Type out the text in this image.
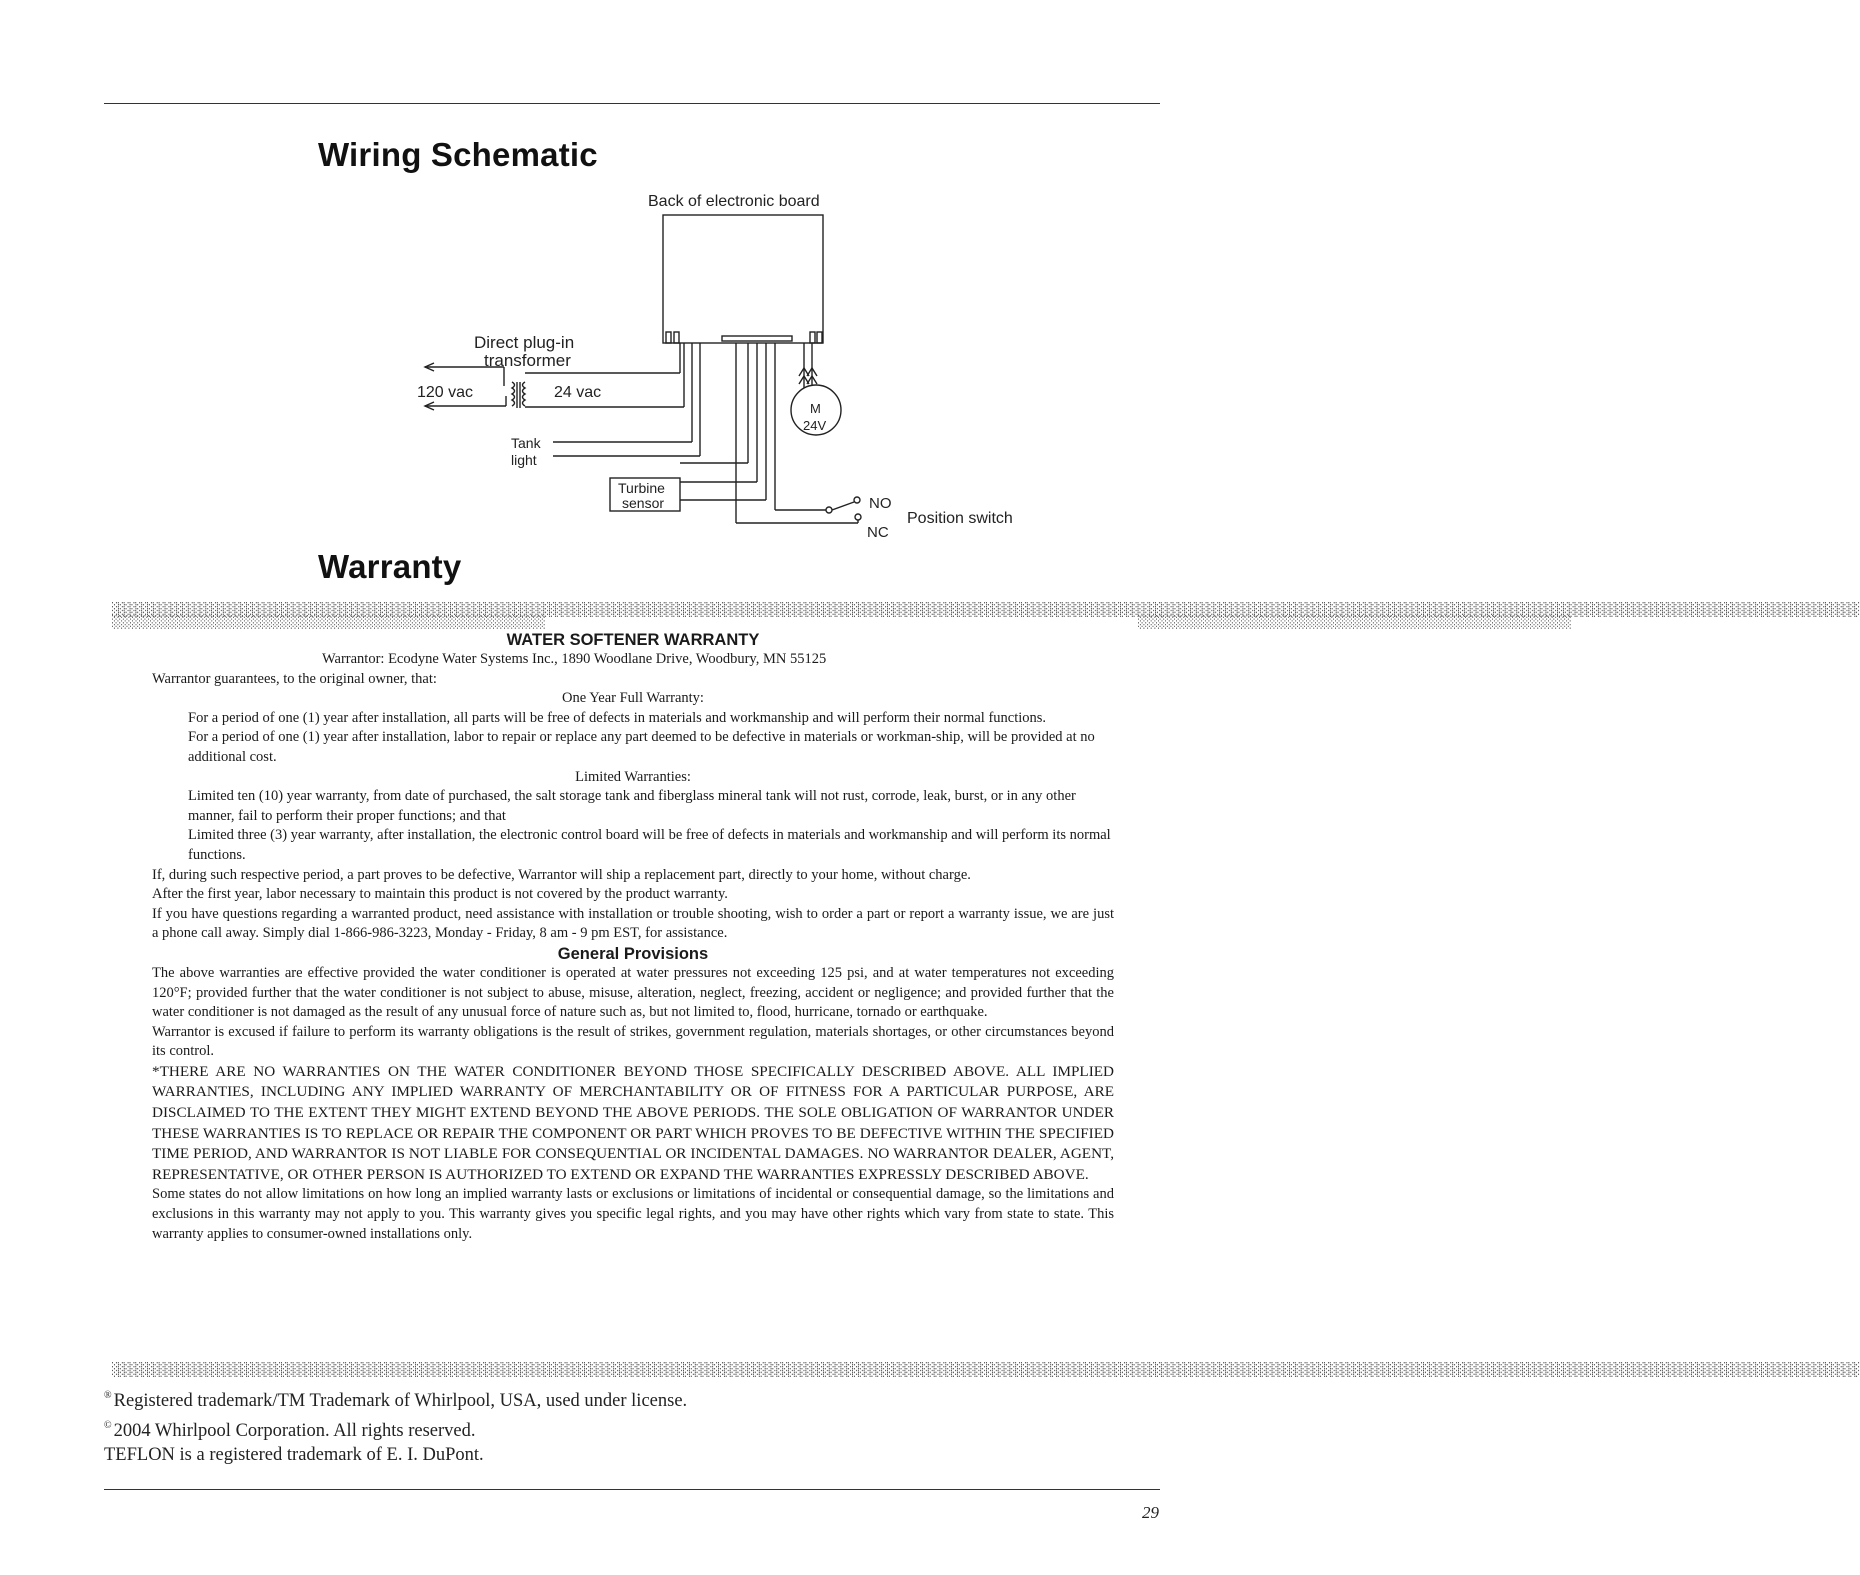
Wiring Schematic
Back of electronic board
Direct plug-in
transformer
120 vac	24 vac
Tank
light
Turbine
sensor
M
24V
NO
NC
Position switch
Warranty
░░░░░░░░░░░░░░░░░░░░░░░░░░░░░░░░░░░░░░░░░░░░░░░░░░░░░░░░░░░░░░░░░░░░░░░░░░░░░░░░░░░░░░░░░░░░░░░░░░░░░░░░░░░░░░░░░░░░░░░░░░░░░░░░░░░░░░░░░░░░░░░░░░░░░░░░░░░░░░░░░░░░░░░░░░░░░░░░░░░░░░░░░░░░░░░░░░░░░░░░░░░░░░░░░░░░░░░░░░░░░░░░░░░░░░░░░░░░░░░░░░░░░░░░░░░░░░░░░░░░░░░░░░░░░░░░░░░░░░░░░░░░░░░░░░░░░░░░░░░░
░░░░░░░░░░░░░░░░░░░░░░░░░░░░░░░░░░░░░░░░░░░░░░░░░░░░░░░░░░░░░░░░░░░░░░░░░░░░░░░░░░░░░░░░░░░░░░░░░░░░░░░░░░░░░░░░░░░░░░░░░░░░░░░░░░░░░░░░░░░░░░░░░░░░░░░░░░░░░░░░░░░░░░░░░░░░░░░░░░░░░░░░░░░░░░░░░░░░░░░░░░░░░░░░░░░░░░░░░░░░░░░░░░░░░░░░░░░░░░░░░░░░░░░░░░░░░░░░░░░░░░░░░░░░░░░░░░░░░░░░░░░░░░░░░░░░░░░░░░░░
░░░░░░░░░░░░░░░░░░░░░░░░░░░░░░░░░░░░░░░░░░░░░░░░░░░░░░░░░░░░	░░░░░░░░░░░░░░░░░░░░░░░░░░░░░░░░░░░░░░░░░░░░░░░░░░░░░░░░░░░░

WATER SOFTENER WARRANTY

Warrantor: Ecodyne Water Systems Inc., 1890 Woodlane Drive, Woodbury, MN 55125

Warrantor guarantees, to the original owner, that:

One Year Full Warranty:

For a period of one (1) year after installation, all parts will be free of defects in materials and workmanship and will perform their normal functions.

For a period of one (1) year after installation, labor to repair or replace any part deemed to be defective in materials or workman-ship, will be provided at no additional cost.

Limited Warranties:

Limited ten (10) year warranty, from date of purchased, the salt storage tank and fiberglass mineral tank will not rust, corrode, leak, burst, or in any other manner, fail to perform their proper functions; and that

Limited three (3) year warranty, after installation, the electronic control board will be free of defects in materials and workmanship and will perform its normal functions.

If, during such respective period, a part proves to be defective, Warrantor will ship a replacement part, directly to your home, without charge.

After the first year, labor necessary to maintain this product is not covered by the product warranty.

If you have questions regarding a warranted product, need assistance with installation or trouble shooting, wish to order a part or report a warranty issue, we are just a phone call away. Simply dial 1-866-986-3223, Monday - Friday, 8 am - 9 pm EST, for assistance.

General Provisions

The above warranties are effective provided the water conditioner is operated at water pressures not exceeding 125 psi, and at water temperatures not exceeding 120°F; provided further that the water conditioner is not subject to abuse, misuse, alteration, neglect, freezing, accident or negligence; and provided further that the water conditioner is not damaged as the result of any unusual force of nature such as, but not limited to, flood, hurricane, tornado or earthquake.

Warrantor is excused if failure to perform its warranty obligations is the result of strikes, government regulation, materials shortages, or other circumstances beyond its control.

*THERE ARE NO WARRANTIES ON THE WATER CONDITIONER BEYOND THOSE SPECIFICALLY DESCRIBED ABOVE. ALL IMPLIED WARRANTIES, INCLUDING ANY IMPLIED WARRANTY OF MERCHANTABILITY OR OF FITNESS FOR A PARTICULAR PURPOSE, ARE DISCLAIMED TO THE EXTENT THEY MIGHT EXTEND BEYOND THE ABOVE PERIODS. THE SOLE OBLIGATION OF WARRANTOR UNDER THESE WARRANTIES IS TO REPLACE OR REPAIR THE COMPONENT OR PART WHICH PROVES TO BE DEFECTIVE WITHIN THE SPECIFIED TIME PERIOD, AND WARRANTOR IS NOT LIABLE FOR CONSEQUENTIAL OR INCIDENTAL DAMAGES. NO WARRANTOR DEALER, AGENT, REPRESENTATIVE, OR OTHER PERSON IS AUTHORIZED TO EXTEND OR EXPAND THE WARRANTIES EXPRESSLY DESCRIBED ABOVE.

Some states do not allow limitations on how long an implied warranty lasts or exclusions or limitations of incidental or consequential damage, so the limitations and exclusions in this warranty may not apply to you. This warranty gives you specific legal rights, and you may have other rights which vary from state to state. This warranty applies to consumer-owned installations only.

® Registered trademark/TM Trademark of Whirlpool, USA, used under license.

© 2004 Whirlpool Corporation. All rights reserved.

TEFLON is a registered trademark of E. I. DuPont.

29
